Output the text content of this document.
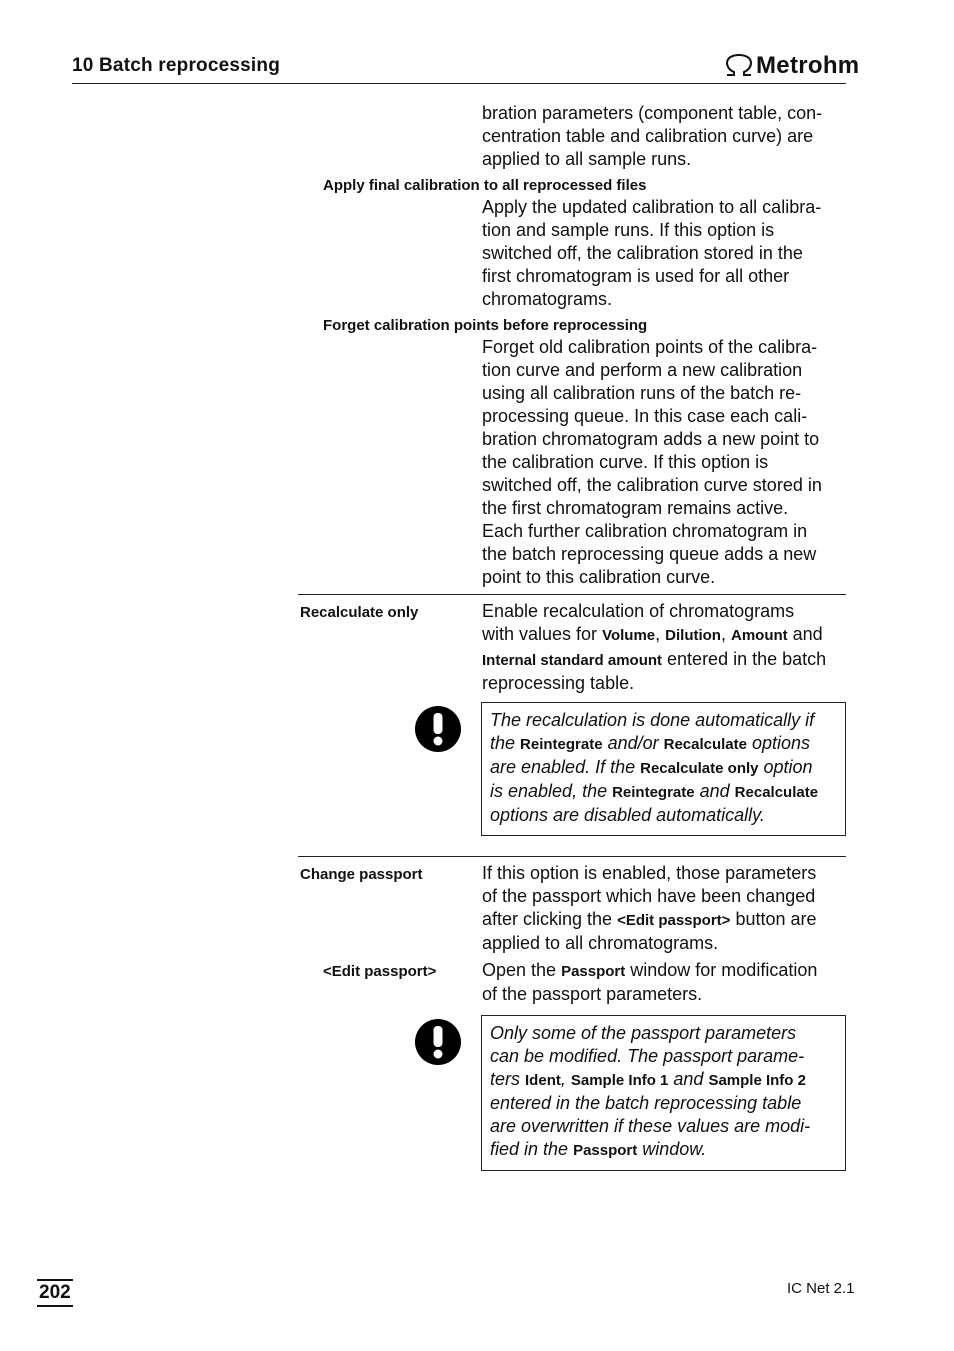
10 Batch reprocessing	Metrohm

bration parameters (component table, con-

centration table and calibration curve) are

applied to all sample runs.

Apply final calibration to all reprocessed files

Apply the updated calibration to all calibra-

tion and sample runs. If this option is

switched off, the calibration stored in the

first chromatogram is used for all other

chromatograms.

Forget calibration points before reprocessing

Forget old calibration points of the calibra-

tion curve and perform a new calibration

using all calibration runs of the batch re-

processing queue. In this case each cali-

bration chromatogram adds a new point to

the calibration curve. If this option is

switched off, the calibration curve stored in

the first chromatogram remains active.

Each further calibration chromatogram in

the batch reprocessing queue adds a new

point to this calibration curve.

Recalculate only	Enable recalculation of chromatograms

with values for Volume, Dilution, Amount and

Internal standard amount entered in the batch

reprocessing table.

The recalculation is done automatically if
the Reintegrate and/or Recalculate options
are enabled. If the Recalculate only option
is enabled, the Reintegrate and Recalculate
options are disabled automatically.
Change passport	If this option is enabled, those parameters

of the passport which have been changed

after clicking the <Edit passport> button are

applied to all chromatograms.

<Edit passport>	Open the Passport window for modification

of the passport parameters.

Only some of the passport parameters
can be modified. The passport parame-
ters Ident, Sample Info 1 and Sample Info 2
entered in the batch reprocessing table
are overwritten if these values are modi-
fied in the Passport window.
202	IC Net 2.1
